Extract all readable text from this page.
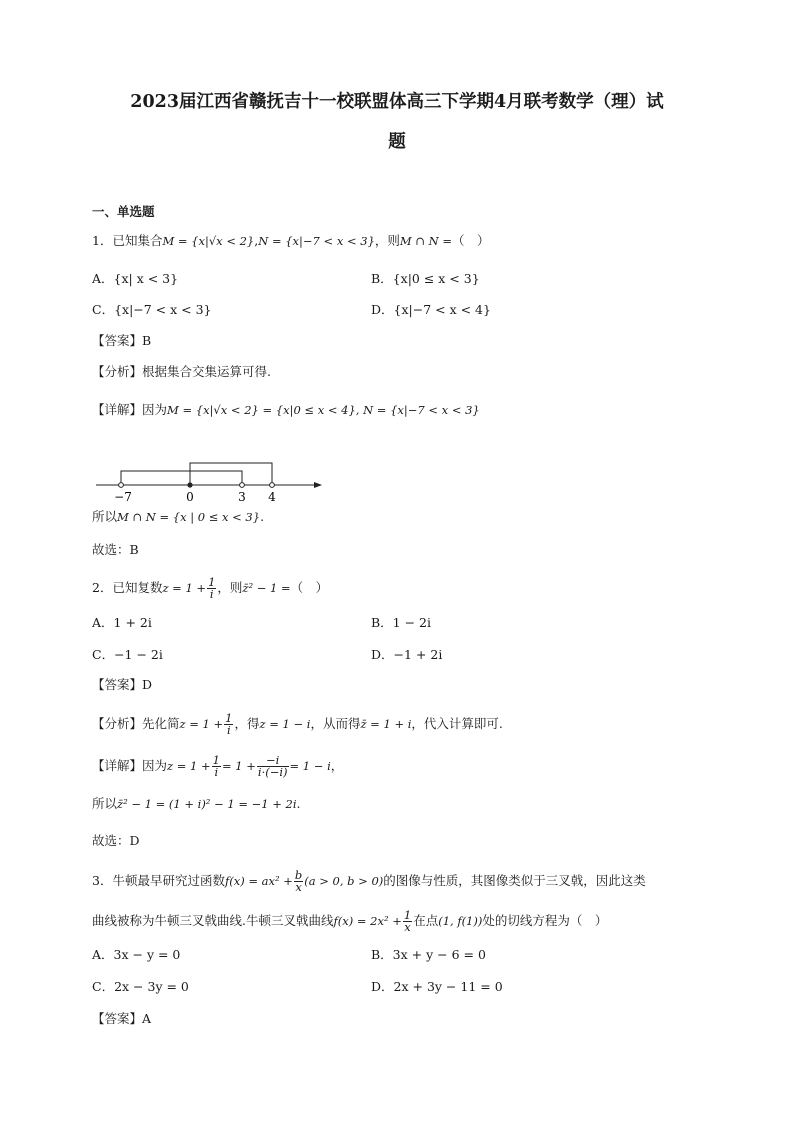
2023届江西省赣抚吉十一校联盟体高三下学期4月联考数学（理）试
题
一、单选题
1．已知集合M = {x|√x < 2},N = {x|−7 < x < 3}，则M ∩ N =（　）
A．{x| x < 3}	B．{x|0 ≤ x < 3}
C．{x|−7 < x < 3}	D．{x|−7 < x < 4}
【答案】B
【分析】根据集合交集运算可得.
【详解】因为M = {x|√x < 2} = {x|0 ≤ x < 4}, N = {x|−7 < x < 3}
−7	0	3 4
所以M ∩ N = {x | 0 ≤ x < 3}.
故选：B
2．已知复数$z = 1 + \frac{1}{i}$ ，则z̄² − 1 =（　）
A．1 + 2i	B．1 − 2i
C．−1 − 2i	D．−1 + 2i
【答案】D
【分析】先化简$z = 1 + \frac{1}{i}$ ，得z = 1 − i，从而得z̄ = 1 + i，代入计算即可.
【详解】因为$z = 1 + \frac{1}{i} = 1 + \frac{-i}{i\cdot(-i)} = 1 - i$，
所以z̄² − 1 = (1 + i)² − 1 = −1 + 2i.
故选：D
3．牛顿最早研究过函数$f(x) = ax^2 + \frac{b}{x} (a > 0$, b > 0)的图像与性质，其图像类似于三叉戟，因此这类
曲线被称为牛顿三叉戟曲线.牛顿三叉戟曲线$f(x) = 2x^2 + \frac{1}{x}$ 在点(1, f(1))处的切线方程为（　）
A．3x − y = 0	B．3x + y − 6 = 0
C．2x − 3y = 0	D．2x + 3y − 11 = 0
【答案】A
